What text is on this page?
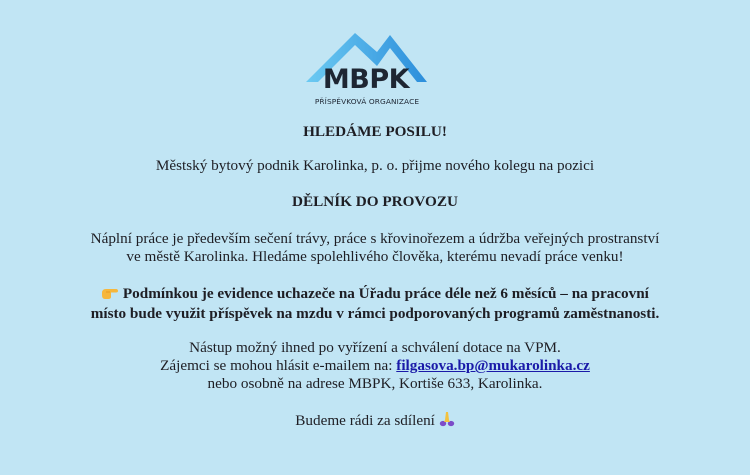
MBPK
PŘÍSPĚVKOVÁ ORGANIZACE

HLEDÁME POSILU!

Městský bytový podnik Karolinka, p. o. přijme nového kolegu na pozici

DĚLNÍK DO PROVOZU

Náplní práce je především sečení trávy, práce s křovinořezem a údržba veřejných prostranství

ve městě Karolinka. Hledáme spolehlivého člověka, kterému nevadí práce venku!

Podmínkou je evidence uchazeče na Úřadu práce déle než 6 měsíců – na pracovní

místo bude využit příspěvek na mzdu v rámci podporovaných programů zaměstnanosti.

Nástup možný ihned po vyřízení a schválení dotace na VPM.

Zájemci se mohou hlásit e-mailem na: filgasova.bp@mukarolinka.cz

nebo osobně na adrese MBPK, Kortiše 633, Karolinka.

Budeme rádi za sdílení
